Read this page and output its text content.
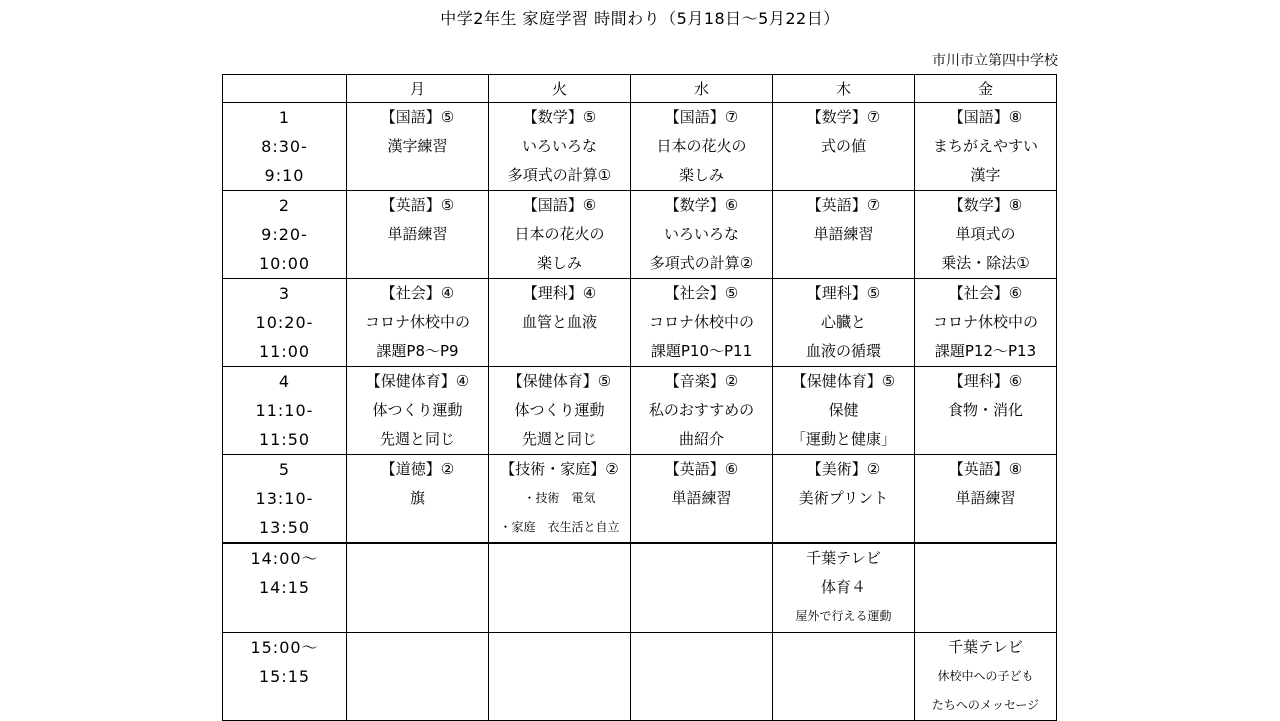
中学2年生 家庭学習 時間わり（5月18日～5月22日）
市川市立第四中学校
	月	火	水	木	金

1
8:30-
9:10	【国語】⑤
漢字練習	【数学】⑤
いろいろな
多項式の計算①	【国語】⑦
日本の花火の
楽しみ	【数学】⑦
式の値	【国語】⑧
まちがえやすい
漢字

2
9:20-
10:00	【英語】⑤
単語練習	【国語】⑥
日本の花火の
楽しみ	【数学】⑥
いろいろな
多項式の計算②	【英語】⑦
単語練習	【数学】⑧
単項式の
乗法・除法①

3
10:20-
11:00	【社会】④
コロナ休校中の
課題P8～P9	【理科】④
血管と血液	【社会】⑤
コロナ休校中の
課題P10～P11	【理科】⑤
心臓と
血液の循環	【社会】⑥
コロナ休校中の
課題P12～P13

4
11:10-
11:50	【保健体育】④
体つくり運動
先週と同じ	【保健体育】⑤
体つくり運動
先週と同じ	【音楽】②
私のおすすめの
曲紹介	【保健体育】⑤
保健
「運動と健康」	【理科】⑥
食物・消化

5
13:10-
13:50	【道徳】②
旗	【技術・家庭】②
・技術　電気
・家庭　衣生活と自立	【英語】⑥
単語練習	【美術】②
美術プリント	【英語】⑧
単語練習

14:00～
14:15				千葉テレビ
体育４
屋外で行える運動	

15:00～
15:15					千葉テレビ
休校中への子ども
たちへのメッセージ
